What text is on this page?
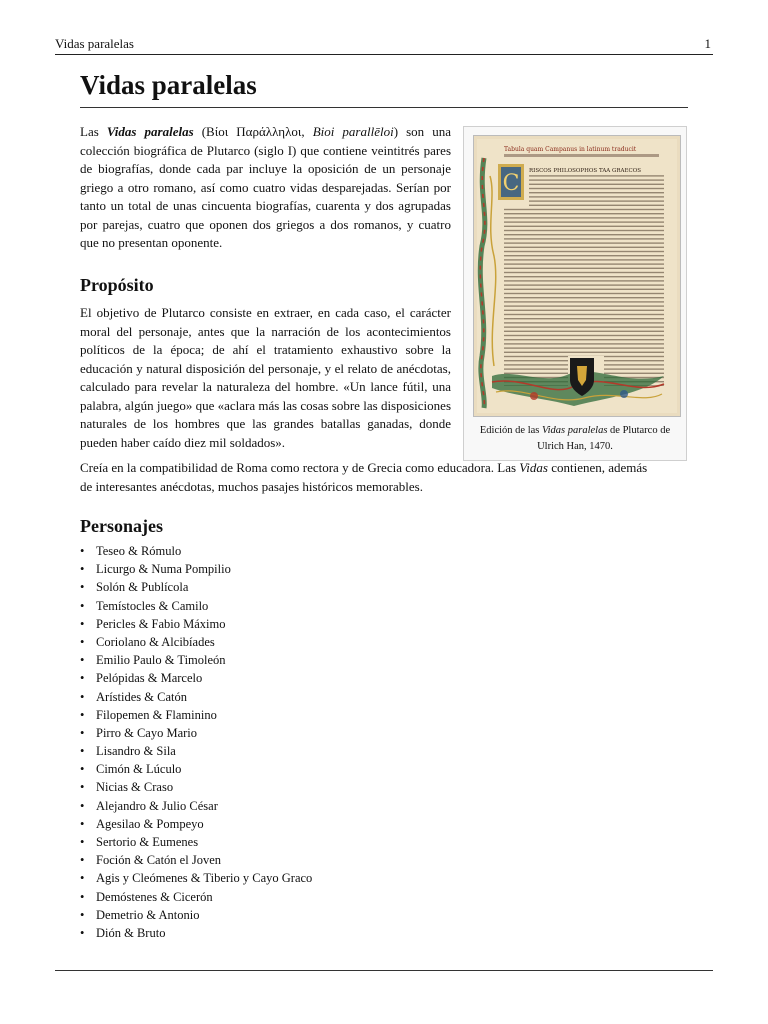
Vidas paralelas	1
Vidas paralelas

Las Vidas paralelas (Βίοι Παράλληλοι, Bioi parallēloi) son una colección biográfica de Plutarco (siglo I) que contiene veintitrés pares de biografías, donde cada par incluye la oposición de un personaje griego a otro romano, así como cuatro vidas desparejadas. Serían por tanto un total de unas cincuenta biografías, cuarenta y dos agrupadas por parejas, cuatro que oponen dos griegos a dos romanos, y cuatro que no presentan oponente.

Tabula quam Campanus in latinum traducit
C RISCOS PHILOSOPHOS TAA GRAECOS
Edición de las Vidas paralelas de Plutarco de Ulrich Han, 1470.
Propósito

El objetivo de Plutarco consiste en extraer, en cada caso, el carácter moral del personaje, antes que la narración de los acontecimientos políticos de la época; de ahí el tratamiento exhaustivo sobre la educación y natural disposición del personaje, y el relato de anécdotas, calculado para revelar la naturaleza del hombre. «Un lance fútil, una palabra, algún juego» que «aclara más las cosas sobre las disposiciones naturales de los hombres que las grandes batallas ganadas, donde pueden haber caído diez mil soldados».

Creía en la compatibilidad de Roma como rectora y de Grecia como educadora. Las Vidas contienen, además de interesantes anécdotas, muchos pasajes históricos memorables.

Personajes
• Teseo & Rómulo
• Licurgo & Numa Pompilio
• Solón & Publícola
• Temístocles & Camilo
• Pericles & Fabio Máximo
• Coriolano & Alcibíades
• Emilio Paulo & Timoleón
• Pelópidas & Marcelo
• Arístides & Catón
• Filopemen & Flaminino
• Pirro & Cayo Mario
• Lisandro & Sila
• Cimón & Lúculo
• Nicias & Craso
• Alejandro & Julio César
• Agesilao & Pompeyo
• Sertorio & Eumenes
• Foción & Catón el Joven
• Agis y Cleómenes & Tiberio y Cayo Graco
• Demóstenes & Cicerón
• Demetrio & Antonio
• Dión & Bruto
